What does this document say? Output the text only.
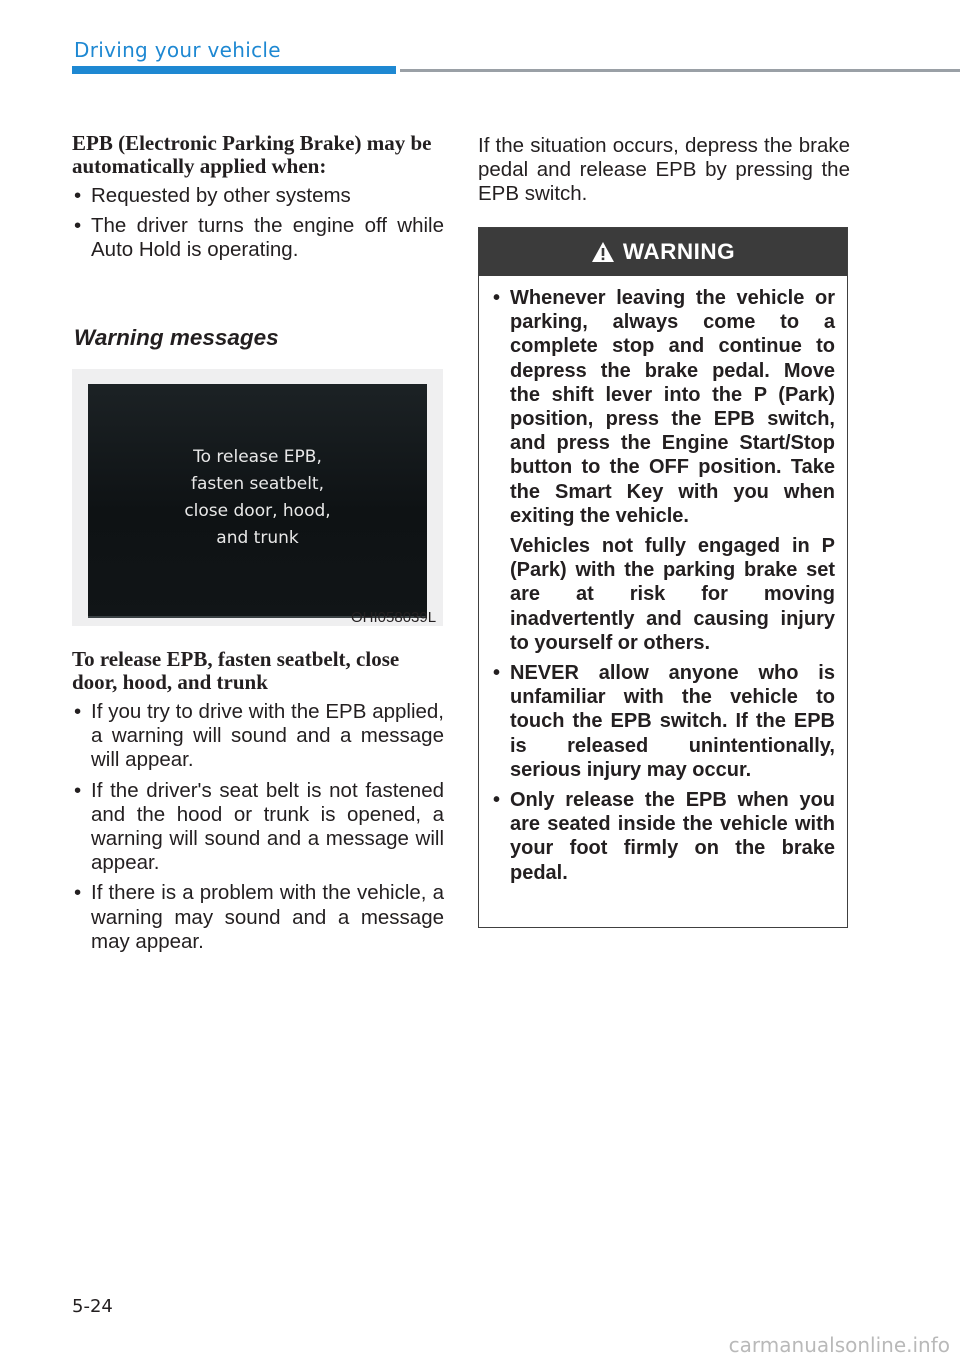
Driving your vehicle
EPB (Electronic Parking Brake) may be automatically applied when:
• Requested by other systems
• The driver turns the engine off while Auto Hold is operating.
Warning messages
To release EPB,
fasten seatbelt,
close door, hood,
and trunk
OHI058039L
To release EPB, fasten seatbelt, close door, hood, and trunk
• If you try to drive with the EPB applied, a warning will sound and a message will appear.
• If the driver's seat belt is not fastened and the hood or trunk is opened, a warning will sound and a message will appear.
• If there is a problem with the vehicle, a warning may sound and a message may appear.

If the situation occurs, depress the brake pedal and release EPB by pressing the EPB switch.

WARNING

• Whenever leaving the vehicle or parking, always come to a complete stop and continue to depress the brake pedal. Move the shift lever into the P (Park) position, press the EPB switch, and press the Engine Start/Stop button to the OFF position. Take the Smart Key with you when exiting the vehicle.

Vehicles not fully engaged in P (Park) with the parking brake set are at risk for moving inadvertently and causing injury to yourself or others.

• NEVER allow anyone who is unfamiliar with the vehicle to touch the EPB switch. If the EPB is released unintentionally, serious injury may occur.
• Only release the EPB when you are seated inside the vehicle with your foot firmly on the brake pedal.
5-24
carmanualsonline.info
